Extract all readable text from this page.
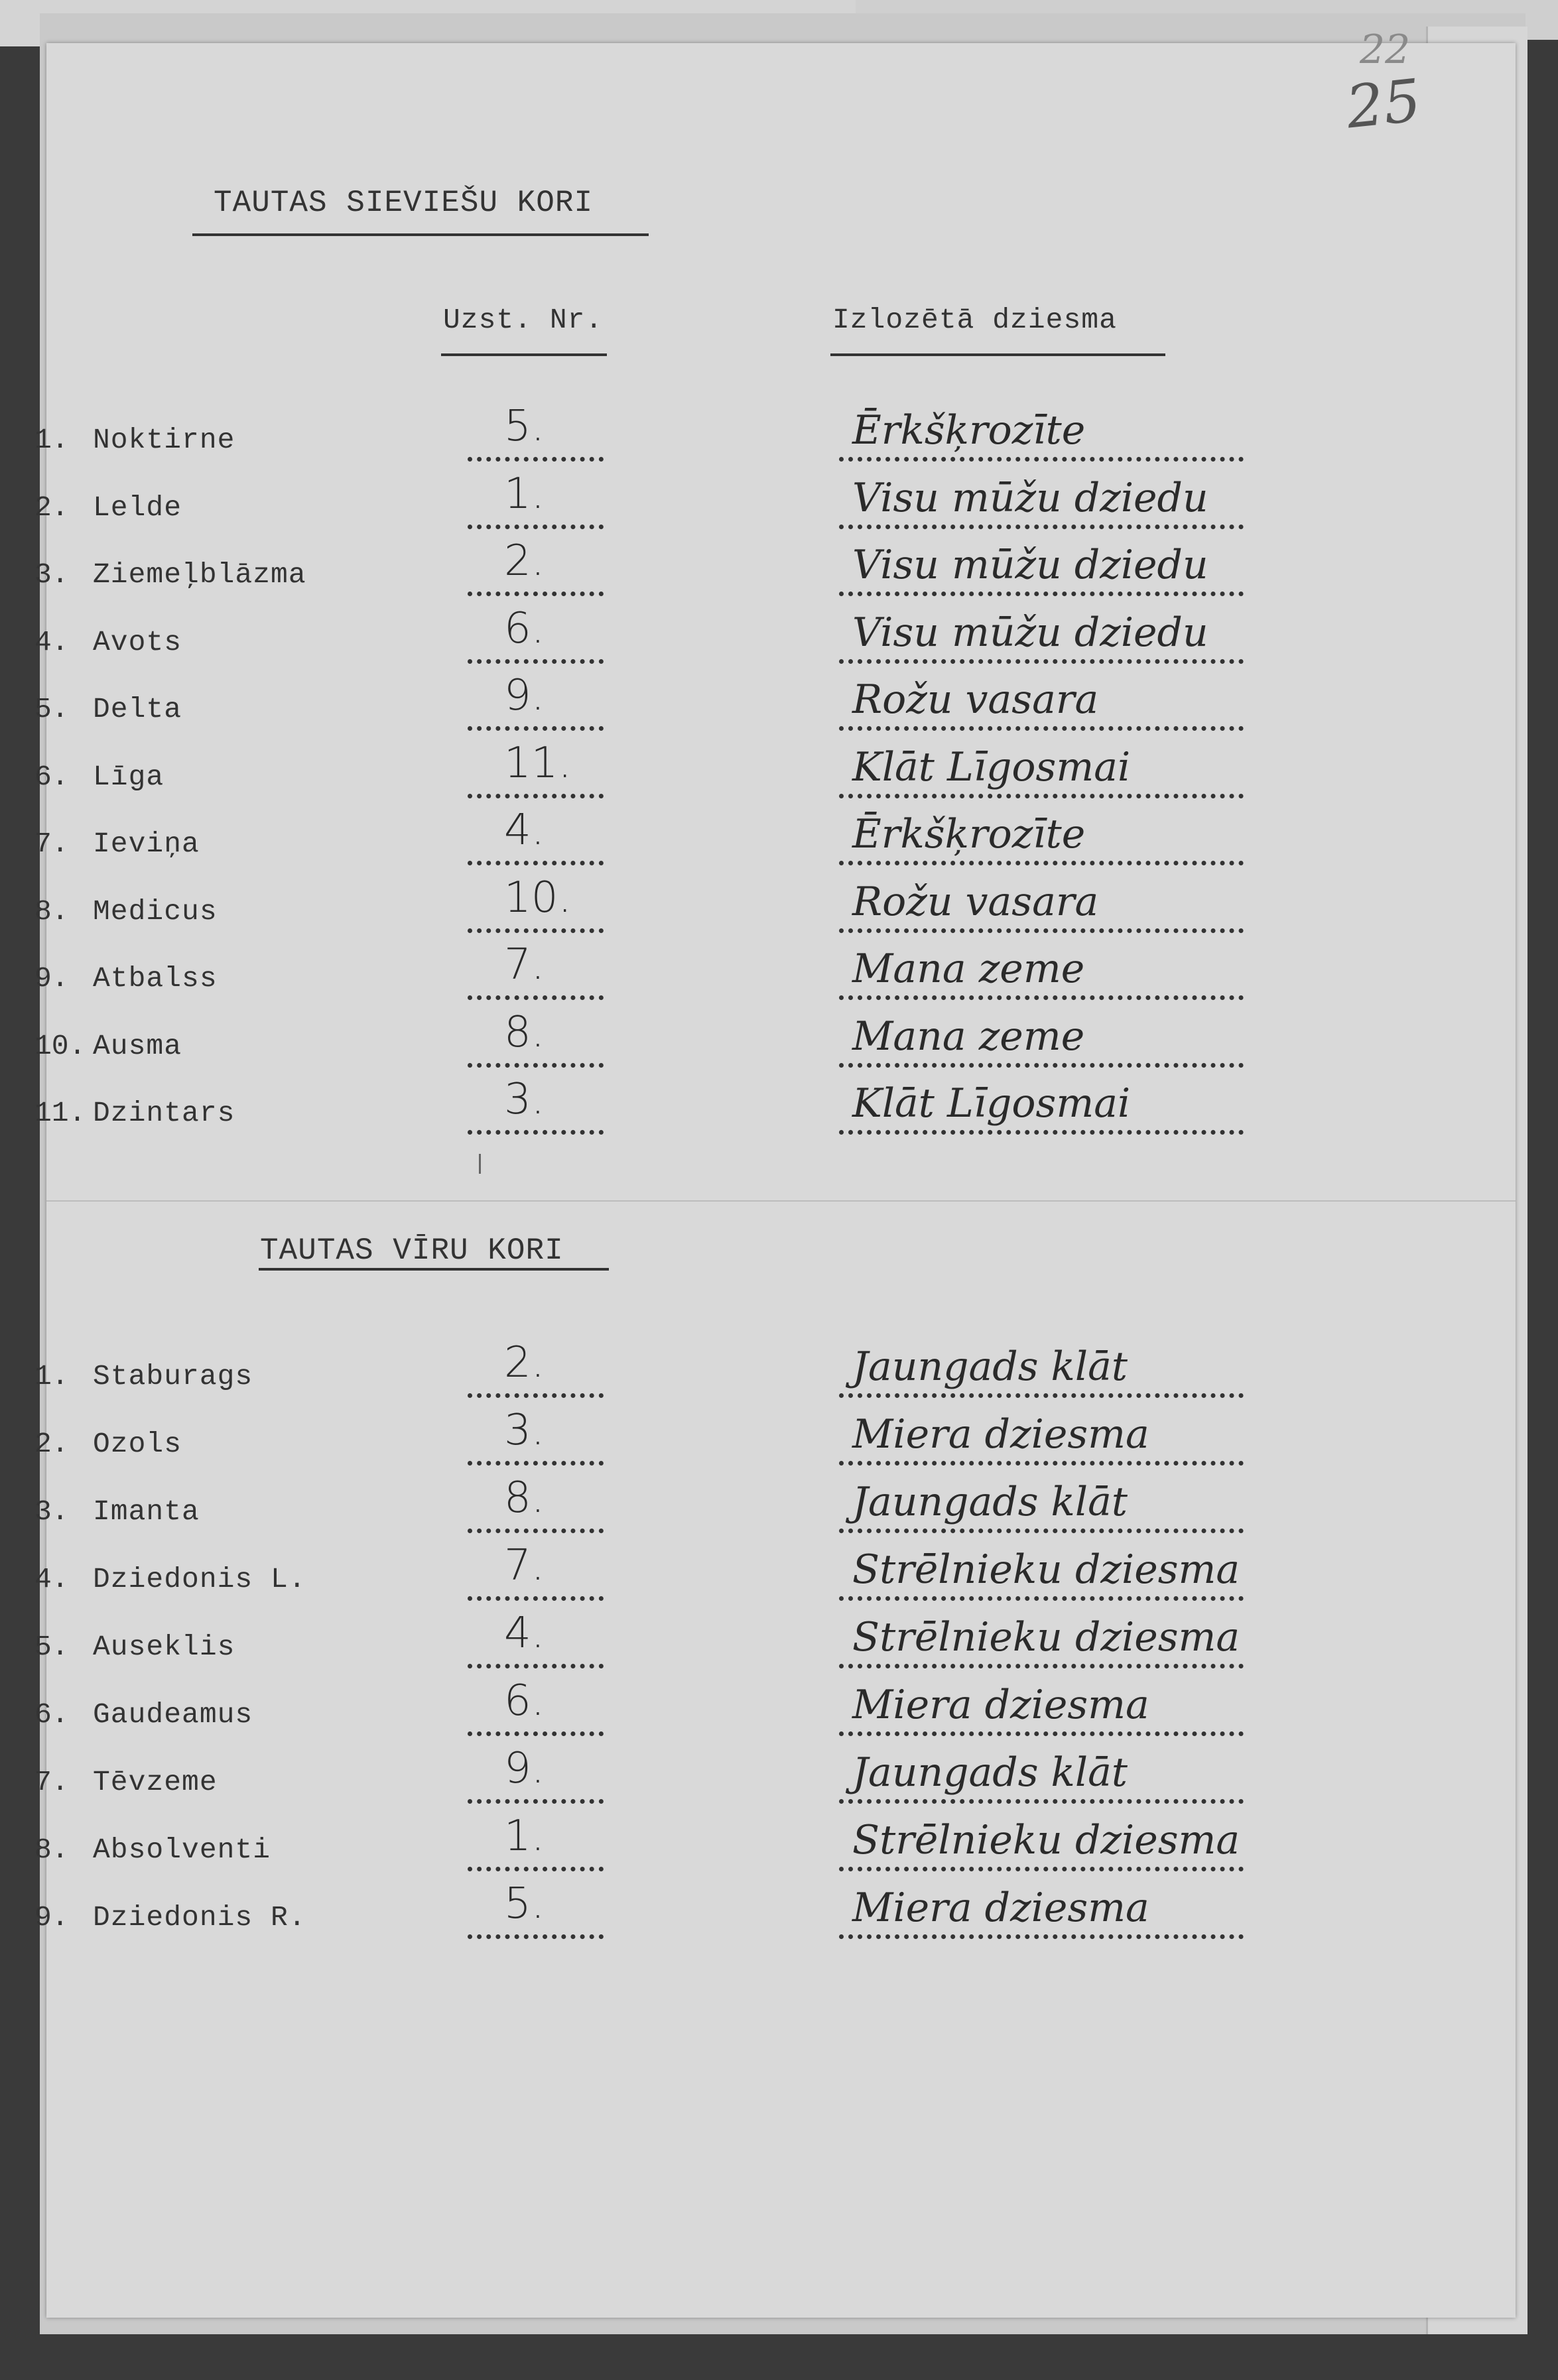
22
25
TAUTAS SIEVIEŠU KORI
Uzst. Nr.	Izlozētā dziesma
1. Noktirne	5.	Ērkšķrozīte
2. Lelde	1.	Visu mūžu dziedu
3. Ziemeļblāzma	2.	Visu mūžu dziedu
4. Avots	6.	Visu mūžu dziedu
5. Delta	9.	Rožu vasara
6. Līga	11.	Klāt Līgosmai
7. Ieviņa	4.	Ērkšķrozīte
8. Medicus	10.	Rožu vasara
9. Atbalss	7.	Mana zeme
10. Ausma	8.	Mana zeme
11. Dzintars	3.	Klāt Līgosmai
TAUTAS VĪRU KORI
1. Staburags	2.	Jaungads klāt
2. Ozols	3.	Miera dziesma
3. Imanta	8.	Jaungads klāt
4. Dziedonis L.	7.	Strēlnieku dziesma
5. Auseklis	4.	Strēlnieku dziesma
6. Gaudeamus	6.	Miera dziesma
7. Tēvzeme	9.	Jaungads klāt
8. Absolventi	1.	Strēlnieku dziesma
9. Dziedonis R.	5.	Miera dziesma
